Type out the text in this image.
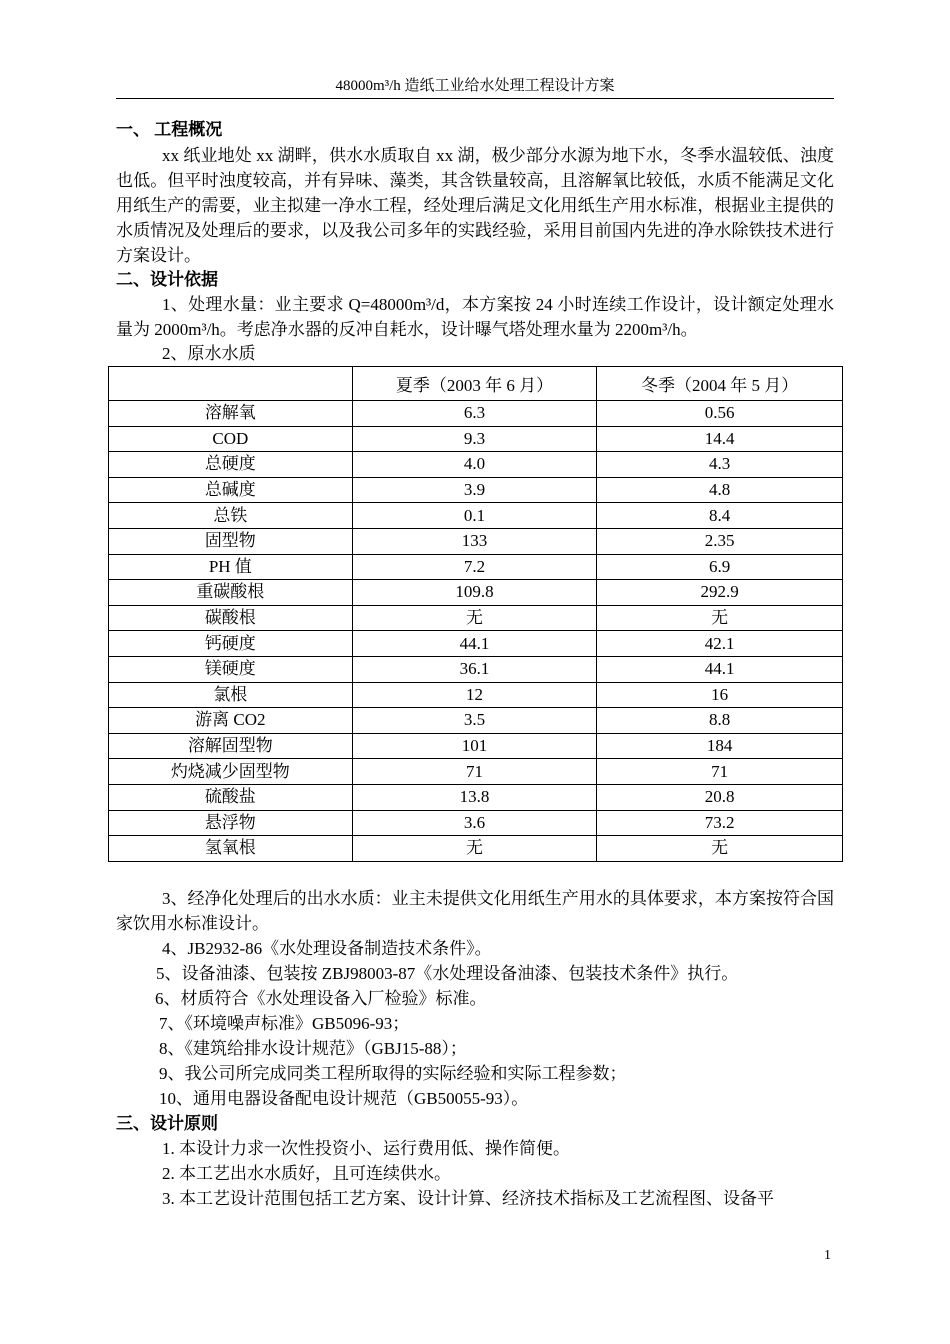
48000m³/h 造纸工业给水处理工程设计方案
一、 工程概况
xx 纸业地处 xx 湖畔，供水水质取自 xx 湖，极少部分水源为地下水，冬季水温较低、浊度也低。但平时浊度较高，并有异味、藻类，其含铁量较高，且溶解氧比较低，水质不能满足文化用纸生产的需要，业主拟建一净水工程，经处理后满足文化用纸生产用水标准，根据业主提供的水质情况及处理后的要求，以及我公司多年的实践经验，采用目前国内先进的净水除铁技术进行方案设计。
二、设计依据
1、处理水量：业主要求 Q=48000m³/d，本方案按 24 小时连续工作设计，设计额定处理水量为 2000m³/h。考虑净水器的反冲自耗水，设计曝气塔处理水量为 2200m³/h。
2、原水水质
	夏季（2003 年 6 月）	冬季（2004 年 5 月）
溶解氧	6.3	0.56
COD	9.3	14.4
总硬度	4.0	4.3
总碱度	3.9	4.8
总铁	0.1	8.4
固型物	133	2.35
PH 值	7.2	6.9
重碳酸根	109.8	292.9
碳酸根	无	无
钙硬度	44.1	42.1
镁硬度	36.1	44.1
氯根	12	16
游离 CO2	3.5	8.8
溶解固型物	101	184
灼烧减少固型物	71	71
硫酸盐	13.8	20.8
悬浮物	3.6	73.2
氢氧根	无	无
3、经净化处理后的出水水质：业主未提供文化用纸生产用水的具体要求，本方案按符合国家饮用水标准设计。
4、JB2932-86《水处理设备制造技术条件》。
5、设备油漆、包装按 ZBJ98003-87《水处理设备油漆、包装技术条件》执行。
6、材质符合《水处理设备入厂检验》标准。
7、《环境噪声标准》GB5096-93；
8、《建筑给排水设计规范》（GBJ15-88）；
9、我公司所完成同类工程所取得的实际经验和实际工程参数；
10、通用电器设备配电设计规范（GB50055-93）。
三、设计原则
1. 本设计力求一次性投资小、运行费用低、操作简便。
2. 本工艺出水水质好，且可连续供水。
3. 本工艺设计范围包括工艺方案、设计计算、经济技术指标及工艺流程图、设备平
1
